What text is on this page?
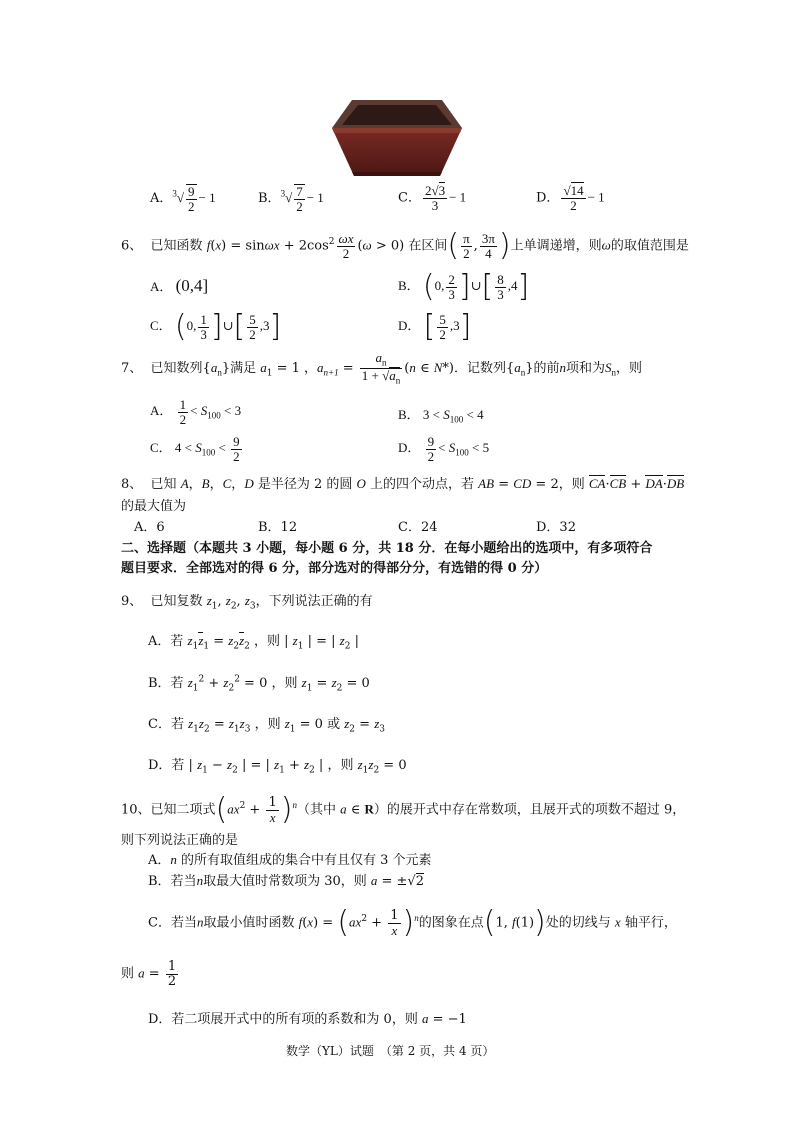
A．$^3√ \frac{9}{2} - 1$	B．$^3√ \frac{7}{2} - 1$	C． $\frac{2√3}{3} - 1$	D． $\frac{√14}{2} - 1$
6、  已知函数 $f(x) = \sin\omega x + 2\cos^2 \frac{\omega x}{2} (\omega > 0)$ 在区间( $\frac{\pi}{2}$ , $\frac{3\pi}{4}$ )上单调递增，则ω的取值范围是
A． (0,4]	B． (0, $\frac{2}{3}$ ]∪[ $\frac{8}{3} ,4$]
C． (0, $\frac{1}{3}$ ]∪[ $\frac{5}{2} ,3$]	D． [ $\frac{5}{2} ,3$]
7、  已知数列$\{a_n\}$满足 $a_1 = 1$ ，$a_{n+1} = \frac{a_n}{1 + √a_n} (n$ ∈ N*)．记数列$\{a_n\}$的前n项和为$S_n$，则
A． $\frac{1}{2} < S_{100} < 3$	B． $3 < S_{100} < 4$
C． $4 < S_{100} < \frac{9}{2}$	D． $\frac{9}{2} < S_{100} < 5$
8、  已知 A，B，C，D 是半径为 2 的圆 O 上的四个动点，若 AB = CD = 2，则 CA·CB + DA·DB
的最大值为
A．6	B．12	C．24	D．32
二、选择题（本题共 3 小题，每小题 6 分，共 18 分．在每小题给出的选项中，有多项符合
题目要求．全部选对的得 6 分，部分选对的得部分分，有选错的得 0 分）
9、  已知复数 $z_1$, $z_2$, $z_3$，下列说法正确的有
A．若 $z_1z_1 = z_2z_2$ ，则 | $z_1$ | = | $z_2$ |
B．若 $z_1^2 + z_2^2 = 0$ ，则 $z_1 = z_2 = 0$
C．若 $z_1z_2 = z_1z_3$ ，则 $z_1 = 0$ 或 $z_2 = z_3$
D．若 | $z_1 - z_2$ | = | $z_1 + z_2$ | ，则 $z_1z_2 = 0$
10、已知二项式$(ax^2 + \frac{1}{x} )^n$（其中 a ∈ R）的展开式中存在常数项，且展开式的项数不超过 9，
则下列说法正确的是
A．n 的所有取值组成的集合中有且仅有 3 个元素
B．若当n取最大值时常数项为 30，则 a = ±√2
C．若当n取最小值时函数 $f(x) = (ax^2 + \frac{1}{x} )^n$的图象在点(1, f(1))处的切线与 x 轴平行，
则 $a = \frac{1}{2}$
D．若二项展开式中的所有项的系数和为 0，则 a = −1
数学（YL）试题　（第 2 页，共 4 页）
